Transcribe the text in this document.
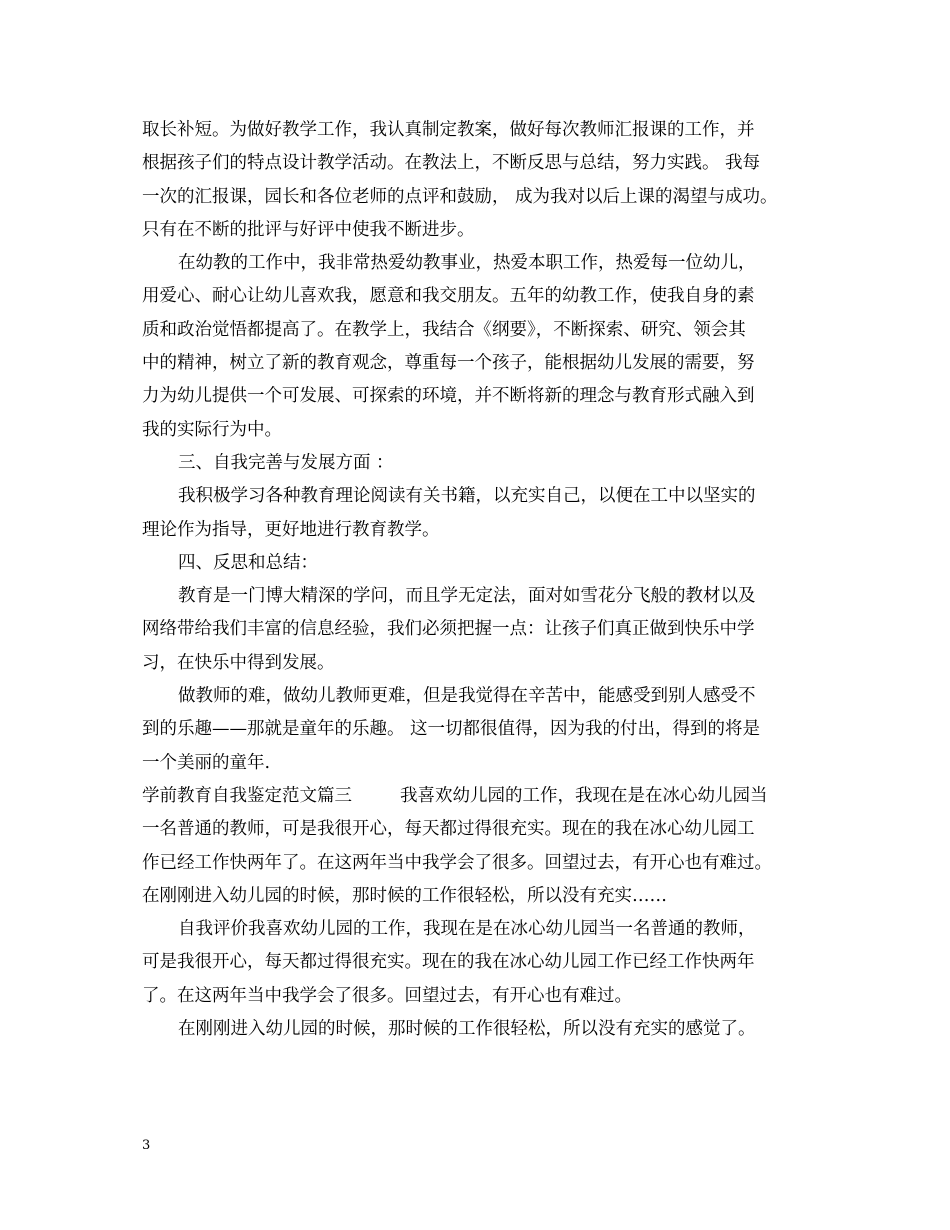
取长补短。为做好教学工作，我认真制定教案，做好每次教师汇报课的工作，并
根据孩子们的特点设计教学活动。在教法上，不断反思与总结，努力实践。 我每
一次的汇报课，园长和各位老师的点评和鼓励， 成为我对以后上课的渴望与成功。
只有在不断的批评与好评中使我不断进步。
在幼教的工作中，我非常热爱幼教事业，热爱本职工作，热爱每一位幼儿，
用爱心、耐心让幼儿喜欢我，愿意和我交朋友。五年的幼教工作，使我自身的素
质和政治觉悟都提高了。在教学上，我结合《纲要》，不断探索、研究、领会其
中的精神，树立了新的教育观念，尊重每一个孩子，能根据幼儿发展的需要，努
力为幼儿提供一个可发展、可探索的环境，并不断将新的理念与教育形式融入到
我的实际行为中。
三、自我完善与发展方面 ：
我积极学习各种教育理论阅读有关书籍，以充实自己，以便在工中以坚实的
理论作为指导，更好地进行教育教学。
四、反思和总结：
教育是一门博大精深的学问，而且学无定法，面对如雪花分飞般的教材以及
网络带给我们丰富的信息经验，我们必须把握一点：让孩子们真正做到快乐中学
习，在快乐中得到发展。
做教师的难，做幼儿教师更难，但是我觉得在辛苦中，能感受到别人感受不
到的乐趣——那就是童年的乐趣。 这一切都很值得，因为我的付出，得到的将是
一个美丽的童年.
学前教育自我鉴定范文篇三	我喜欢幼儿园的工作，我现在是在冰心幼儿园当
一名普通的教师，可是我很开心，每天都过得很充实。现在的我在冰心幼儿园工
作已经工作快两年了。在这两年当中我学会了很多。回望过去，有开心也有难过。
在刚刚进入幼儿园的时候，那时候的工作很轻松，所以没有充实……
自我评价我喜欢幼儿园的工作，我现在是在冰心幼儿园当一名普通的教师，
可是我很开心，每天都过得很充实。现在的我在冰心幼儿园工作已经工作快两年
了。在这两年当中我学会了很多。回望过去，有开心也有难过。
在刚刚进入幼儿园的时候，那时候的工作很轻松，所以没有充实的感觉了。
3
